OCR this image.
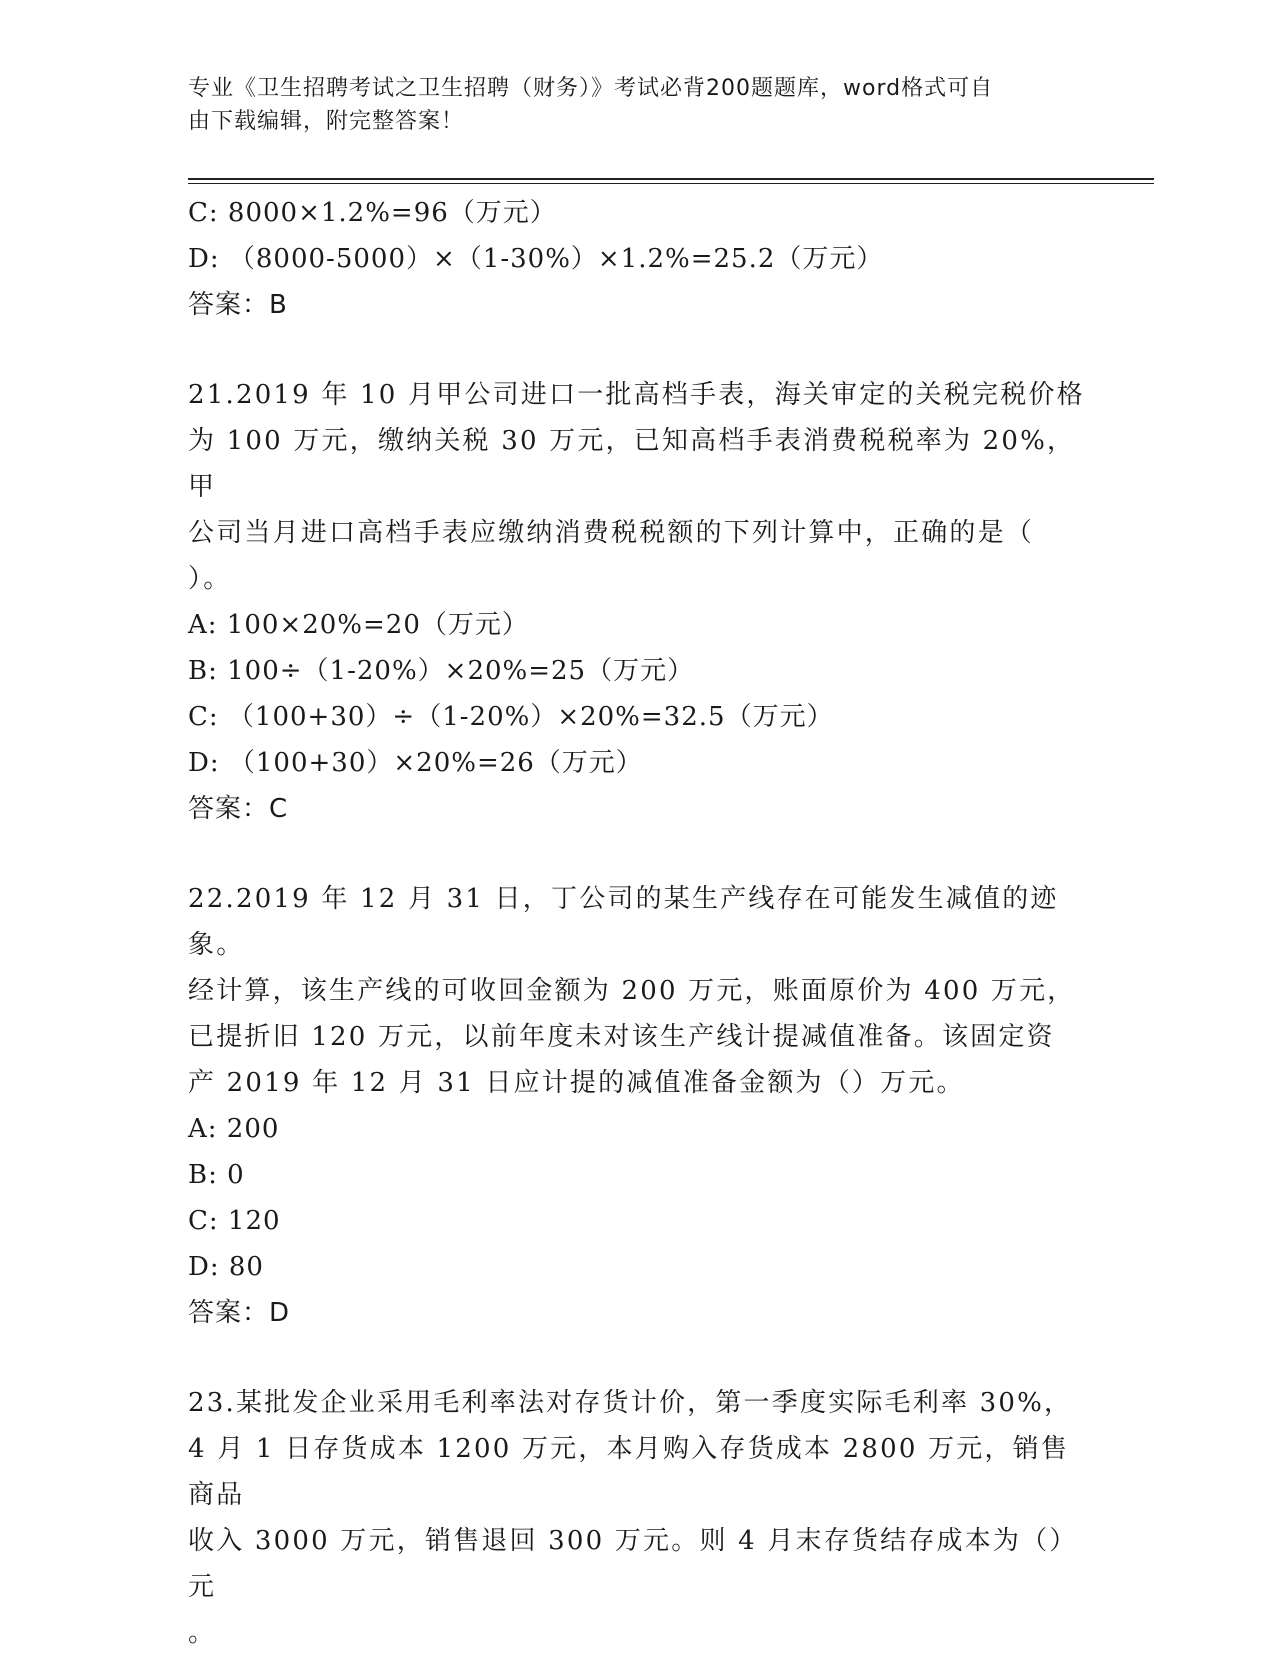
专业《卫生招聘考试之卫生招聘（财务）》考试必背200题题库，word格式可自
由下载编辑，附完整答案！
C: 8000×1.2%=96（万元）
D: （8000-5000）×（1-30%）×1.2%=25.2（万元）
答案：B
21.2019 年 10 月甲公司进口一批高档手表，海关审定的关税完税价格
为 100 万元，缴纳关税 30 万元，已知高档手表消费税税率为 20%，甲
公司当月进口高档手表应缴纳消费税税额的下列计算中，正确的是（
）。
A: 100×20%=20（万元）
B: 100÷（1-20%）×20%=25（万元）
C: （100+30）÷（1-20%）×20%=32.5（万元）
D: （100+30）×20%=26（万元）
答案：C
22.2019 年 12 月 31 日，丁公司的某生产线存在可能发生减值的迹象。
经计算，该生产线的可收回金额为 200 万元，账面原价为 400 万元，
已提折旧 120 万元，以前年度未对该生产线计提减值准备。该固定资
产 2019 年 12 月 31 日应计提的减值准备金额为（）万元。
A: 200
B: 0
C: 120
D: 80
答案：D
23.某批发企业采用毛利率法对存货计价，第一季度实际毛利率 30%，
4 月 1 日存货成本 1200 万元，本月购入存货成本 2800 万元，销售商品
收入 3000 万元，销售退回 300 万元。则 4 月末存货结存成本为（）元
。
